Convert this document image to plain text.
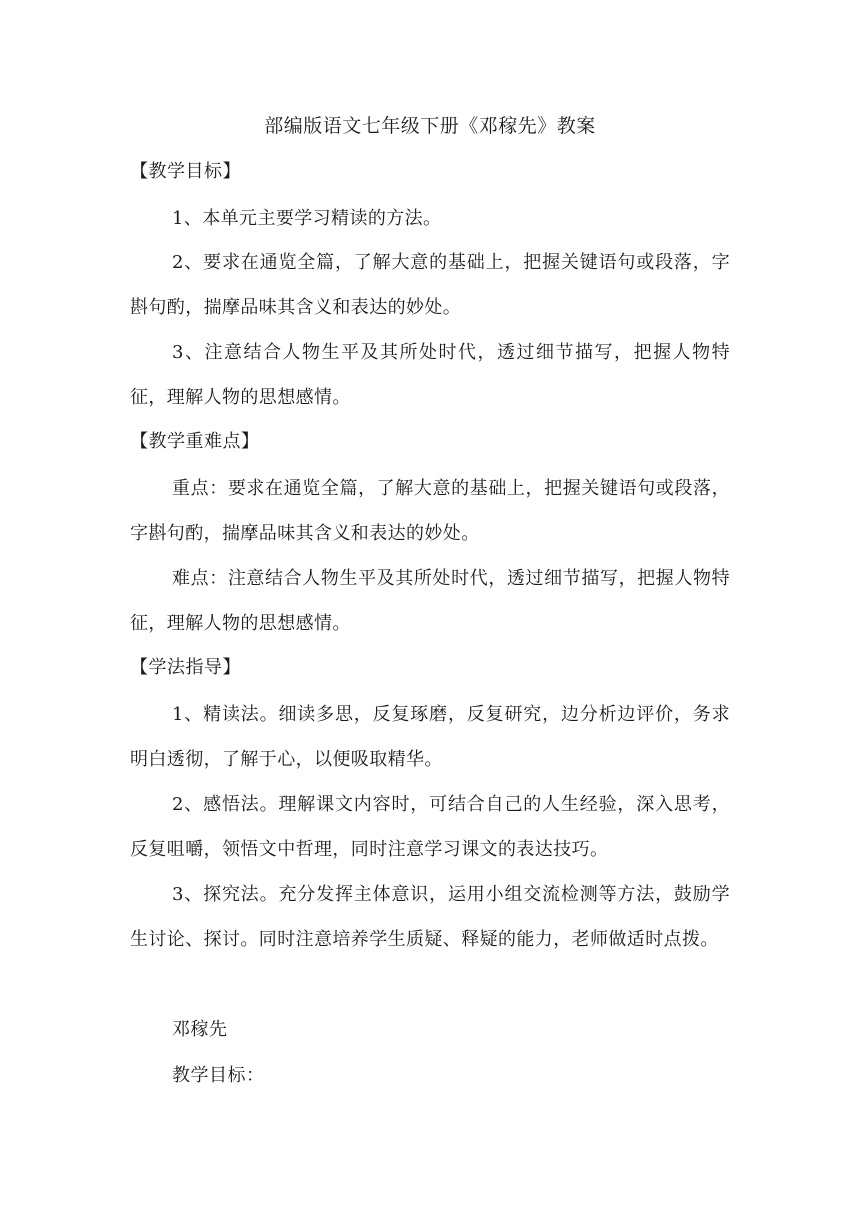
部编版语文七年级下册《邓稼先》教案
【教学目标】

1、本单元主要学习精读的方法。

2、要求在通览全篇，了解大意的基础上，把握关键语句或段落，字斟句酌，揣摩品味其含义和表达的妙处。

3、注意结合人物生平及其所处时代，透过细节描写，把握人物特征，理解人物的思想感情。

【教学重难点】

重点：要求在通览全篇，了解大意的基础上，把握关键语句或段落，字斟句酌，揣摩品味其含义和表达的妙处。

难点：注意结合人物生平及其所处时代，透过细节描写，把握人物特征，理解人物的思想感情。

【学法指导】

1、精读法。细读多思，反复琢磨，反复研究，边分析边评价，务求明白透彻，了解于心，以便吸取精华。

2、感悟法。理解课文内容时，可结合自己的人生经验，深入思考，反复咀嚼，领悟文中哲理，同时注意学习课文的表达技巧。

3、探究法。充分发挥主体意识，运用小组交流检测等方法，鼓励学生讨论、探讨。同时注意培养学生质疑、释疑的能力，老师做适时点拨。

邓稼先
教学目标：
